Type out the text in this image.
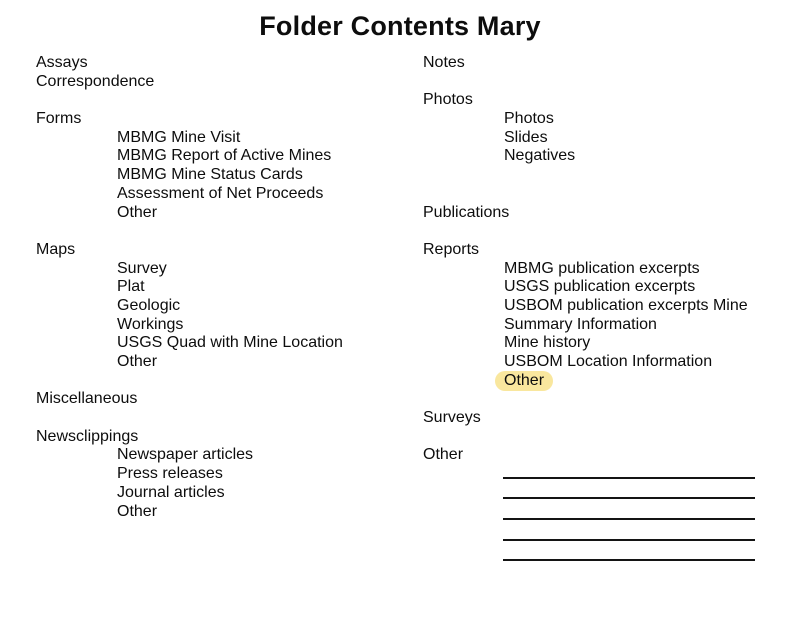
Folder Contents Mary
Assays
Correspondence
Forms
MBMG Mine Visit
MBMG Report of Active Mines
MBMG Mine Status Cards
Assessment of Net Proceeds
Other
Maps
Survey
Plat
Geologic
Workings
USGS Quad with Mine Location
Other
Miscellaneous
Newsclippings
Newspaper articles
Press releases
Journal articles
Other
Notes
Photos
Photos
Slides
Negatives
Publications
Reports
MBMG publication excerpts
USGS publication excerpts
USBOM publication excerpts Mine
Summary Information
Mine history
USBOM Location Information
Other
Surveys
Other
